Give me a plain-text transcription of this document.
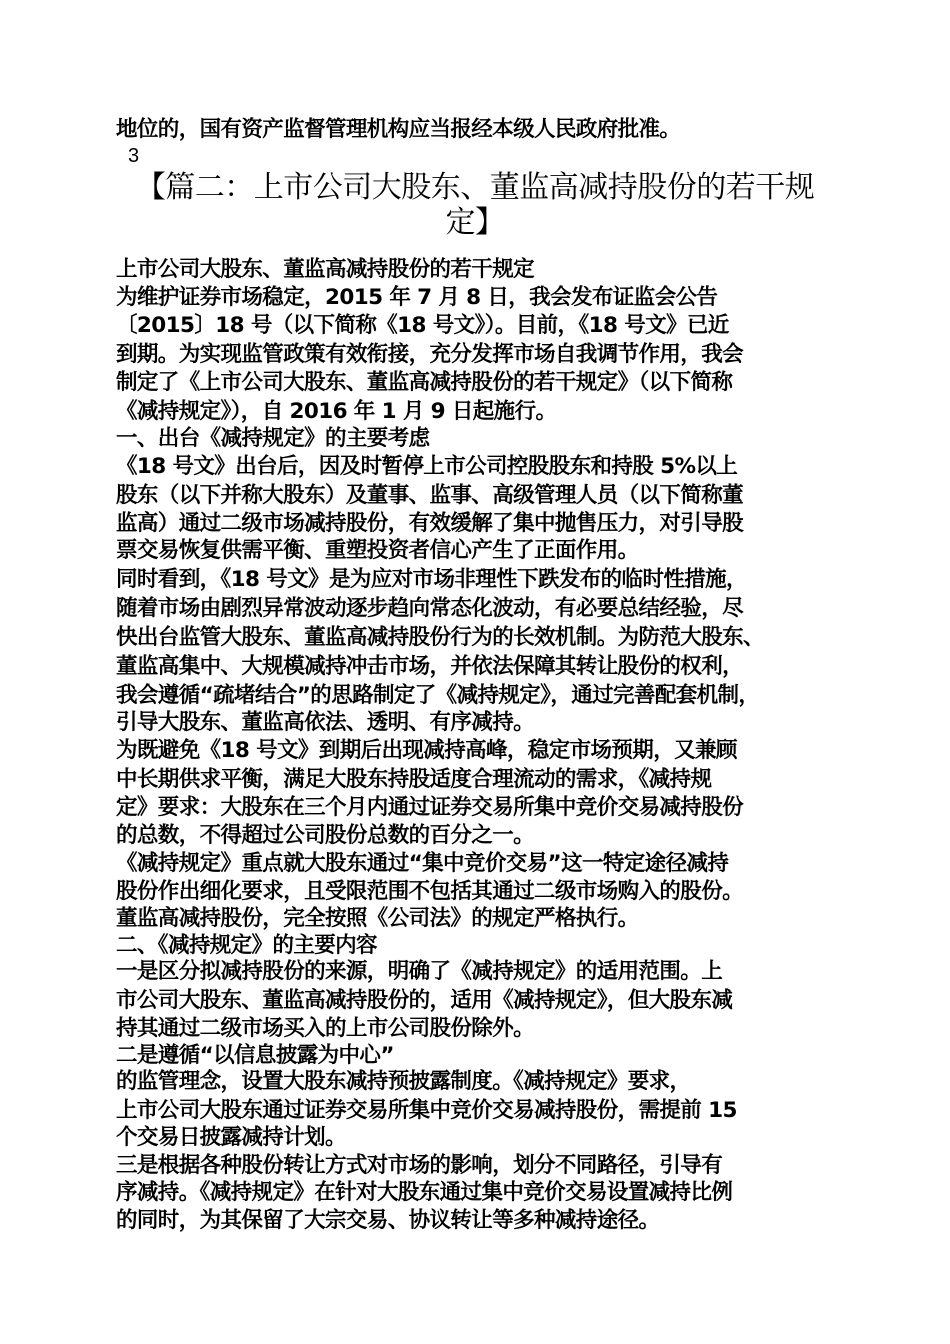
地位的，国有资产监督管理机构应当报经本级人民政府批准。
3
【篇二：上市公司大股东、董监高减持股份的若干规
定】
上市公司大股东、董监高减持股份的若干规定
为维护证券市场稳定，2015 年 7 月 8 日，我会发布证监会公告
〔2015〕18 号（以下简称《18 号文》）。目前，《18 号文》已近
到期。为实现监管政策有效衔接，充分发挥市场自我调节作用，我会
制定了《上市公司大股东、董监高减持股份的若干规定》（以下简称
《减持规定》），自 2016 年 1 月 9 日起施行。
一、出台《减持规定》的主要考虑
《18 号文》出台后，因及时暂停上市公司控股股东和持股 5%以上
股东（以下并称大股东）及董事、监事、高级管理人员（以下简称董
监高）通过二级市场减持股份，有效缓解了集中抛售压力，对引导股
票交易恢复供需平衡、重塑投资者信心产生了正面作用。
同时看到，《18 号文》是为应对市场非理性下跌发布的临时性措施，
随着市场由剧烈异常波动逐步趋向常态化波动，有必要总结经验，尽
快出台监管大股东、董监高减持股份行为的长效机制。为防范大股东、
董监高集中、大规模减持冲击市场，并依法保障其转让股份的权利，
我会遵循“疏堵结合”的思路制定了《减持规定》，通过完善配套机制，
引导大股东、董监高依法、透明、有序减持。
为既避免《18 号文》到期后出现减持高峰，稳定市场预期，又兼顾
中长期供求平衡，满足大股东持股适度合理流动的需求，《减持规
定》要求：大股东在三个月内通过证券交易所集中竞价交易减持股份
的总数，不得超过公司股份总数的百分之一。
《减持规定》重点就大股东通过“集中竞价交易”这一特定途径减持
股份作出细化要求，且受限范围不包括其通过二级市场购入的股份。
董监高减持股份，完全按照《公司法》的规定严格执行。
二、《减持规定》的主要内容
一是区分拟减持股份的来源，明确了《减持规定》的适用范围。上
市公司大股东、董监高减持股份的，适用《减持规定》，但大股东减
持其通过二级市场买入的上市公司股份除外。
二是遵循“以信息披露为中心”
的监管理念，设置大股东减持预披露制度。《减持规定》要求，
上市公司大股东通过证券交易所集中竞价交易减持股份，需提前 15
个交易日披露减持计划。
三是根据各种股份转让方式对市场的影响，划分不同路径，引导有
序减持。《减持规定》在针对大股东通过集中竞价交易设置减持比例
的同时，为其保留了大宗交易、协议转让等多种减持途径。
